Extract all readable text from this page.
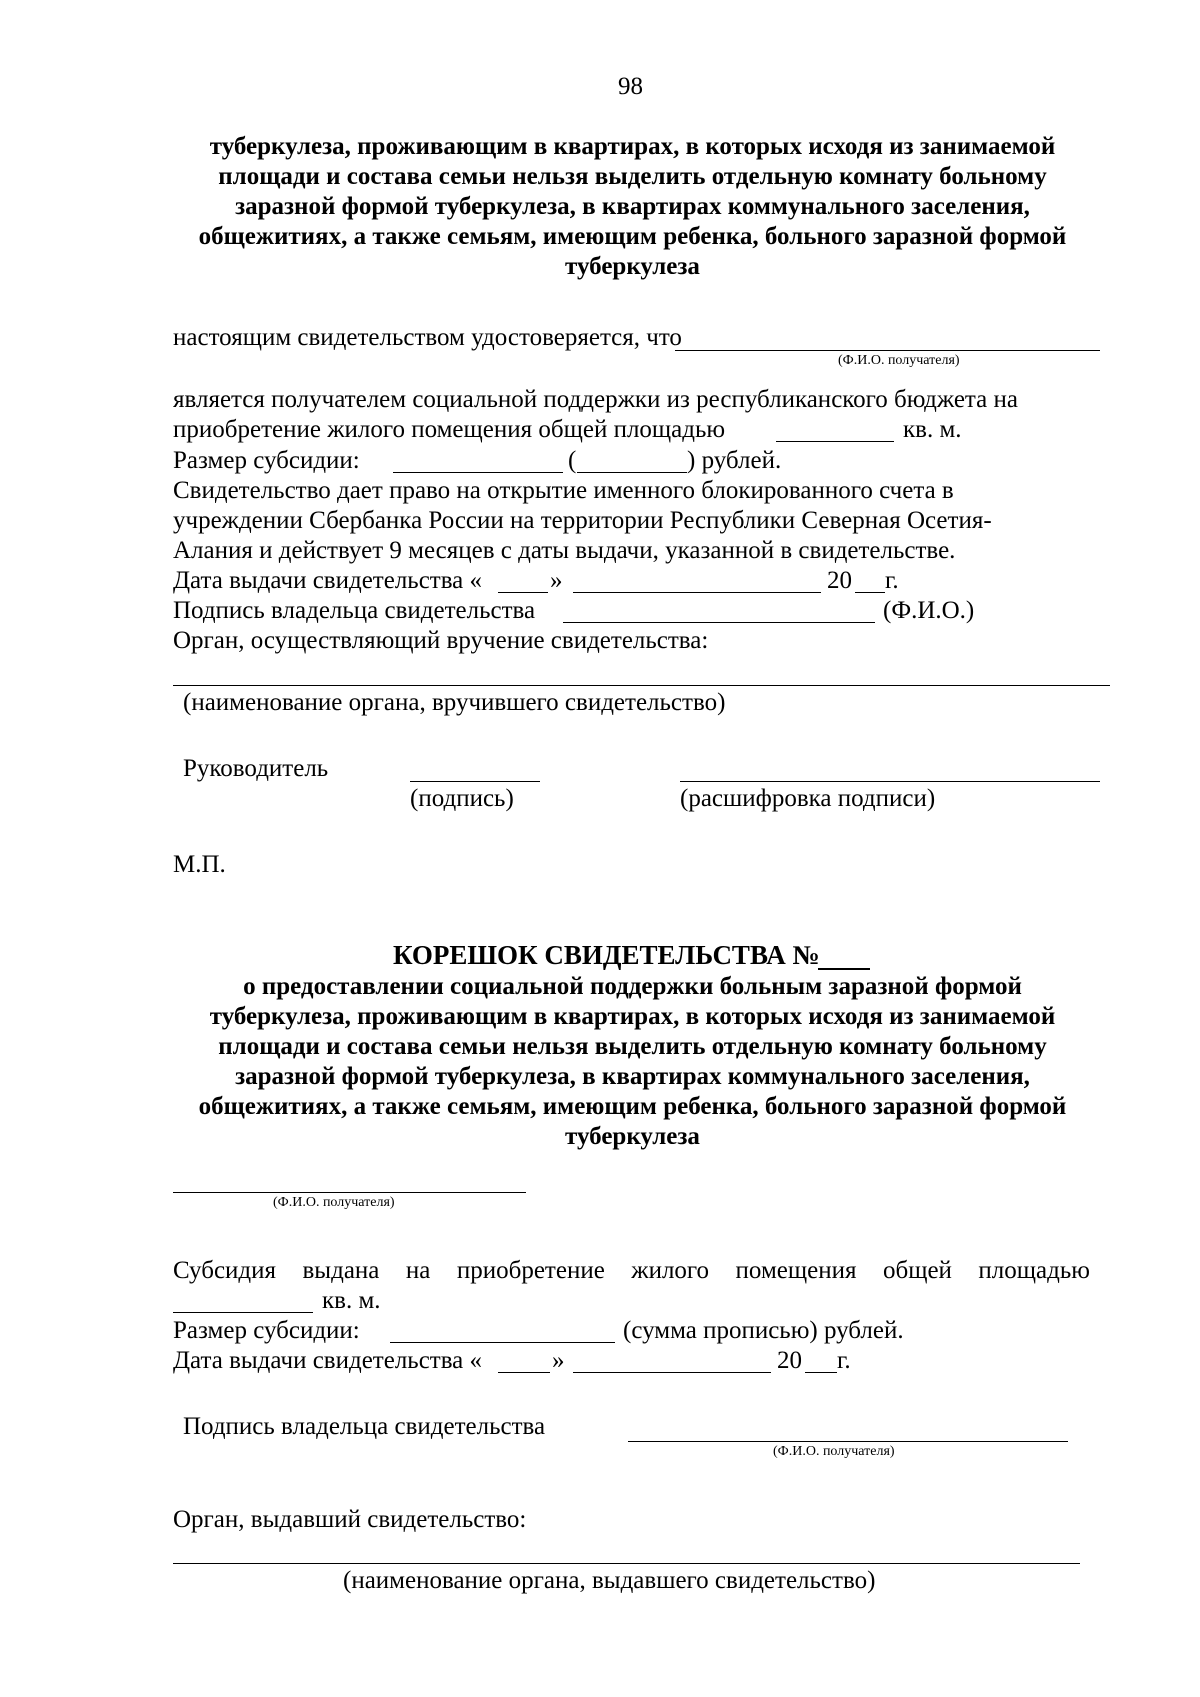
98
туберкулеза, проживающим в квартирах, в которых исходя из занимаемой
площади и состава семьи нельзя выделить отдельную комнату больному
заразной формой туберкулеза, в квартирах коммунального заселения,
общежитиях, а также семьям, имеющим ребенка, больного заразной формой
туберкулеза
настоящим свидетельством удостоверяется, что
(Ф.И.О. получателя)
является получателем социальной поддержки из республиканского бюджета на
приобретение жилого помещения общей площадью	кв. м.
Размер субсидии:	(	) рублей.
Свидетельство дает право на открытие именного блокированного счета в
учреждении Сбербанка России на территории Республики Северная Осетия-
Алания и действует 9 месяцев с даты выдачи, указанной в свидетельстве.
Дата выдачи свидетельства «	»	20 г.
Подпись владельца свидетельства	(Ф.И.О.)
Орган, осуществляющий вручение свидетельства:
(наименование органа, вручившего свидетельство)
Руководитель
(подпись)	(расшифровка подписи)
М.П.
КОРЕШОК СВИДЕТЕЛЬСТВА №
о предоставлении социальной поддержки больным заразной формой
туберкулеза, проживающим в квартирах, в которых исходя из занимаемой
площади и состава семьи нельзя выделить отдельную комнату больному
заразной формой туберкулеза, в квартирах коммунального заселения,
общежитиях, а также семьям, имеющим ребенка, больного заразной формой
туберкулеза
(Ф.И.О. получателя)
Субсидия выдана на приобретение жилого помещения общей площадью
кв. м.
Размер субсидии:	(сумма прописью) рублей.
Дата выдачи свидетельства «	»	20 г.
Подпись владельца свидетельства
(Ф.И.О. получателя)
Орган, выдавший свидетельство:
(наименование органа, выдавшего свидетельство)
